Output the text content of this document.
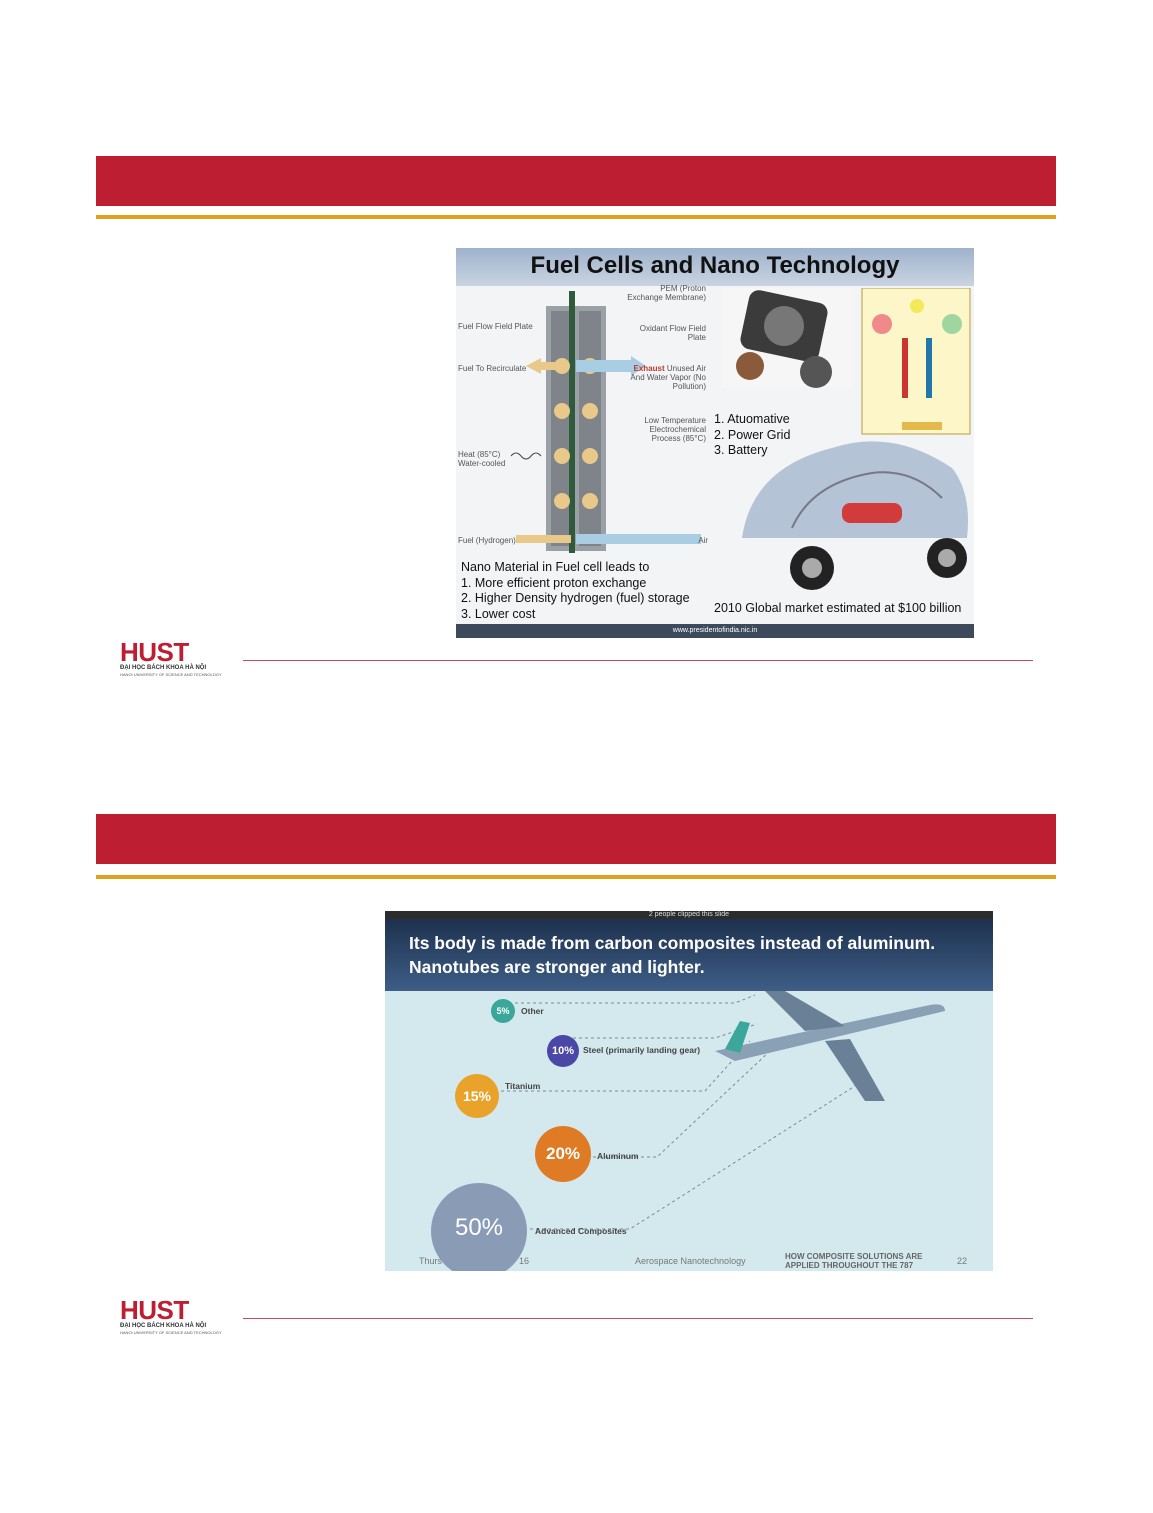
Fuel Cells and Nano Technology
PEM (Proton Exchange Membrane)
Fuel Flow Field Plate	Oxidant Flow Field Plate
Fuel To Recirculate	Exhaust Unused Air And Water Vapor (No Pollution)
Low Temperature Electrochemical Process (85°C)
Heat (85°C) Water-cooled
Fuel (Hydrogen)	Air
1. Atuomative
2. Power Grid
3. Battery
Nano Material in Fuel cell leads to
1. More efficient proton exchange
2. Higher Density hydrogen (fuel) storage
3. Lower cost	2010 Global market estimated at $100 billion
www.presidentofindia.nic.in
HUST
ĐẠI HỌC BÁCH KHOA HÀ NỘI
HANOI UNIVERSITY OF SCIENCE AND TECHNOLOGY
2 people clipped this slide
Its body is made from carbon composites instead of aluminum. Nanotubes are stronger and lighter.
5%	Other
10%	Steel (primarily landing gear)
15%
Titanium
20%	Aluminum
50%	Advanced Composites
Thurs	16	Aerospace Nanotechnology	HOW COMPOSITE SOLUTIONS ARE APPLIED THROUGHOUT THE 787	22
HUST
ĐẠI HỌC BÁCH KHOA HÀ NỘI
HANOI UNIVERSITY OF SCIENCE AND TECHNOLOGY
